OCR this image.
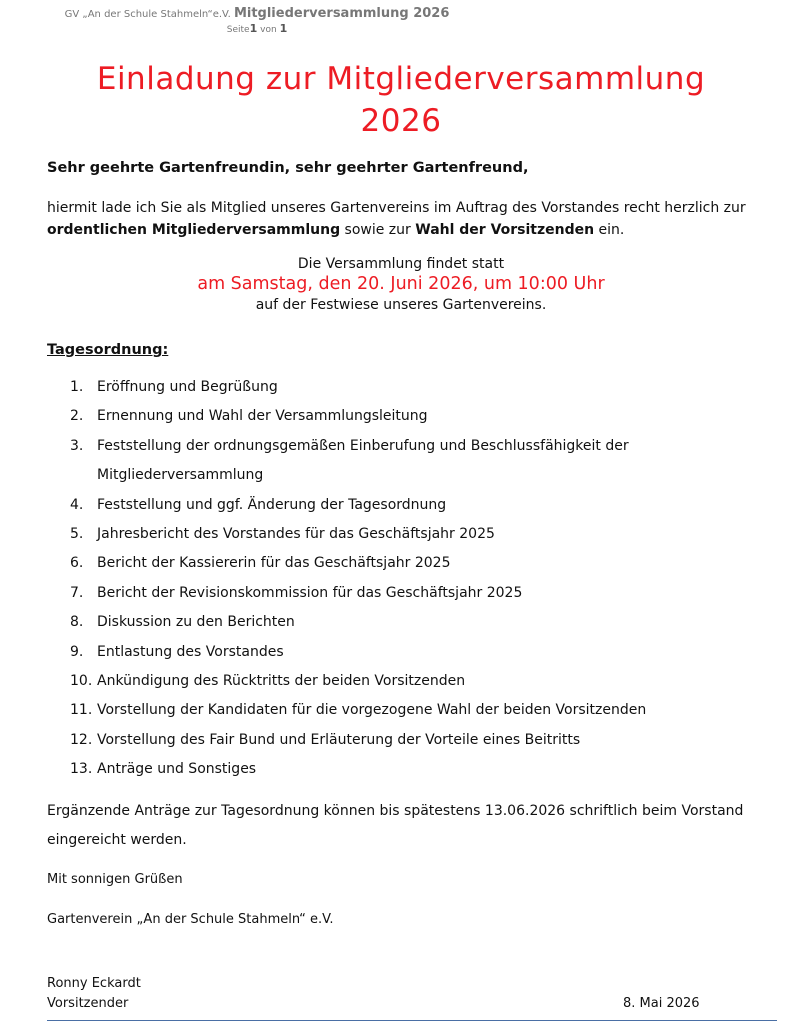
GV „An der Schule Stahmeln“e.V. Mitgliederversammlung 2026
Seite1 von 1
Einladung zur Mitgliederversammlung
2026
Sehr geehrte Gartenfreundin, sehr geehrter Gartenfreund,
hiermit lade ich Sie als Mitglied unseres Gartenvereins im Auftrag des Vorstandes recht herzlich zur ordentlichen Mitgliederversammlung sowie zur Wahl der Vorsitzenden ein.
Die Versammlung findet statt
am Samstag, den 20. Juni 2026, um 10:00 Uhr
auf der Festwiese unseres Gartenvereins.
Tagesordnung:
1. Eröffnung und Begrüßung
2. Ernennung und Wahl der Versammlungsleitung
3. Feststellung der ordnungsgemäßen Einberufung und Beschlussfähigkeit der Mitgliederversammlung
4. Feststellung und ggf. Änderung der Tagesordnung
5. Jahresbericht des Vorstandes für das Geschäftsjahr 2025
6. Bericht der Kassiererin für das Geschäftsjahr 2025
7. Bericht der Revisionskommission für das Geschäftsjahr 2025
8. Diskussion zu den Berichten
9. Entlastung des Vorstandes
10. Ankündigung des Rücktritts der beiden Vorsitzenden
11. Vorstellung der Kandidaten für die vorgezogene Wahl der beiden Vorsitzenden
12. Vorstellung des Fair Bund und Erläuterung der Vorteile eines Beitritts
13. Anträge und Sonstiges
Ergänzende Anträge zur Tagesordnung können bis spätestens 13.06.2026 schriftlich beim Vorstand eingereicht werden.
Mit sonnigen Grüßen
Gartenverein „An der Schule Stahmeln“ e.V.
Ronny Eckardt
Vorsitzender	8. Mai 2026
